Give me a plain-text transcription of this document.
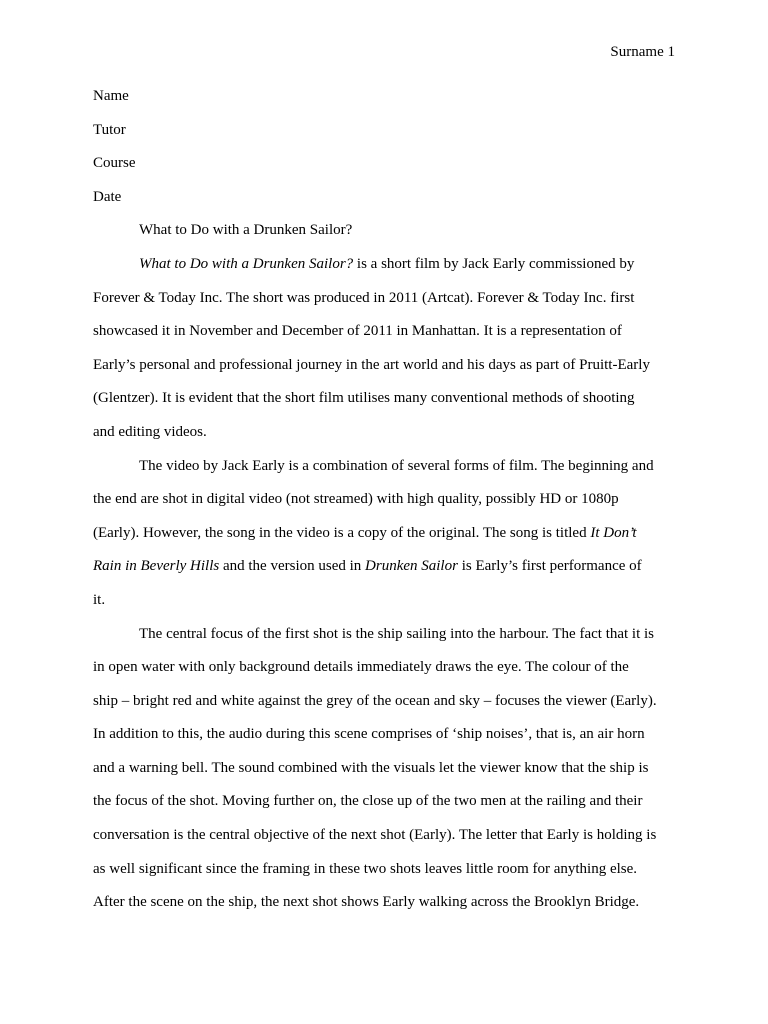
Surname 1
Name
Tutor
Course
Date
What to Do with a Drunken Sailor?
What to Do with a Drunken Sailor? is a short film by Jack Early commissioned by
Forever & Today Inc. The short was produced in 2011 (Artcat). Forever & Today Inc. first
showcased it in November and December of 2011 in Manhattan. It is a representation of
Early’s personal and professional journey in the art world and his days as part of Pruitt-Early
(Glentzer). It is evident that the short film utilises many conventional methods of shooting
and editing videos.
The video by Jack Early is a combination of several forms of film. The beginning and
the end are shot in digital video (not streamed) with high quality, possibly HD or 1080p
(Early). However, the song in the video is a copy of the original. The song is titled It Don’t
Rain in Beverly Hills and the version used in Drunken Sailor is Early’s first performance of
it.
The central focus of the first shot is the ship sailing into the harbour. The fact that it is
in open water with only background details immediately draws the eye. The colour of the
ship – bright red and white against the grey of the ocean and sky – focuses the viewer (Early).
In addition to this, the audio during this scene comprises of ‘ship noises’, that is, an air horn
and a warning bell. The sound combined with the visuals let the viewer know that the ship is
the focus of the shot. Moving further on, the close up of the two men at the railing and their
conversation is the central objective of the next shot (Early). The letter that Early is holding is
as well significant since the framing in these two shots leaves little room for anything else.
After the scene on the ship, the next shot shows Early walking across the Brooklyn Bridge.
